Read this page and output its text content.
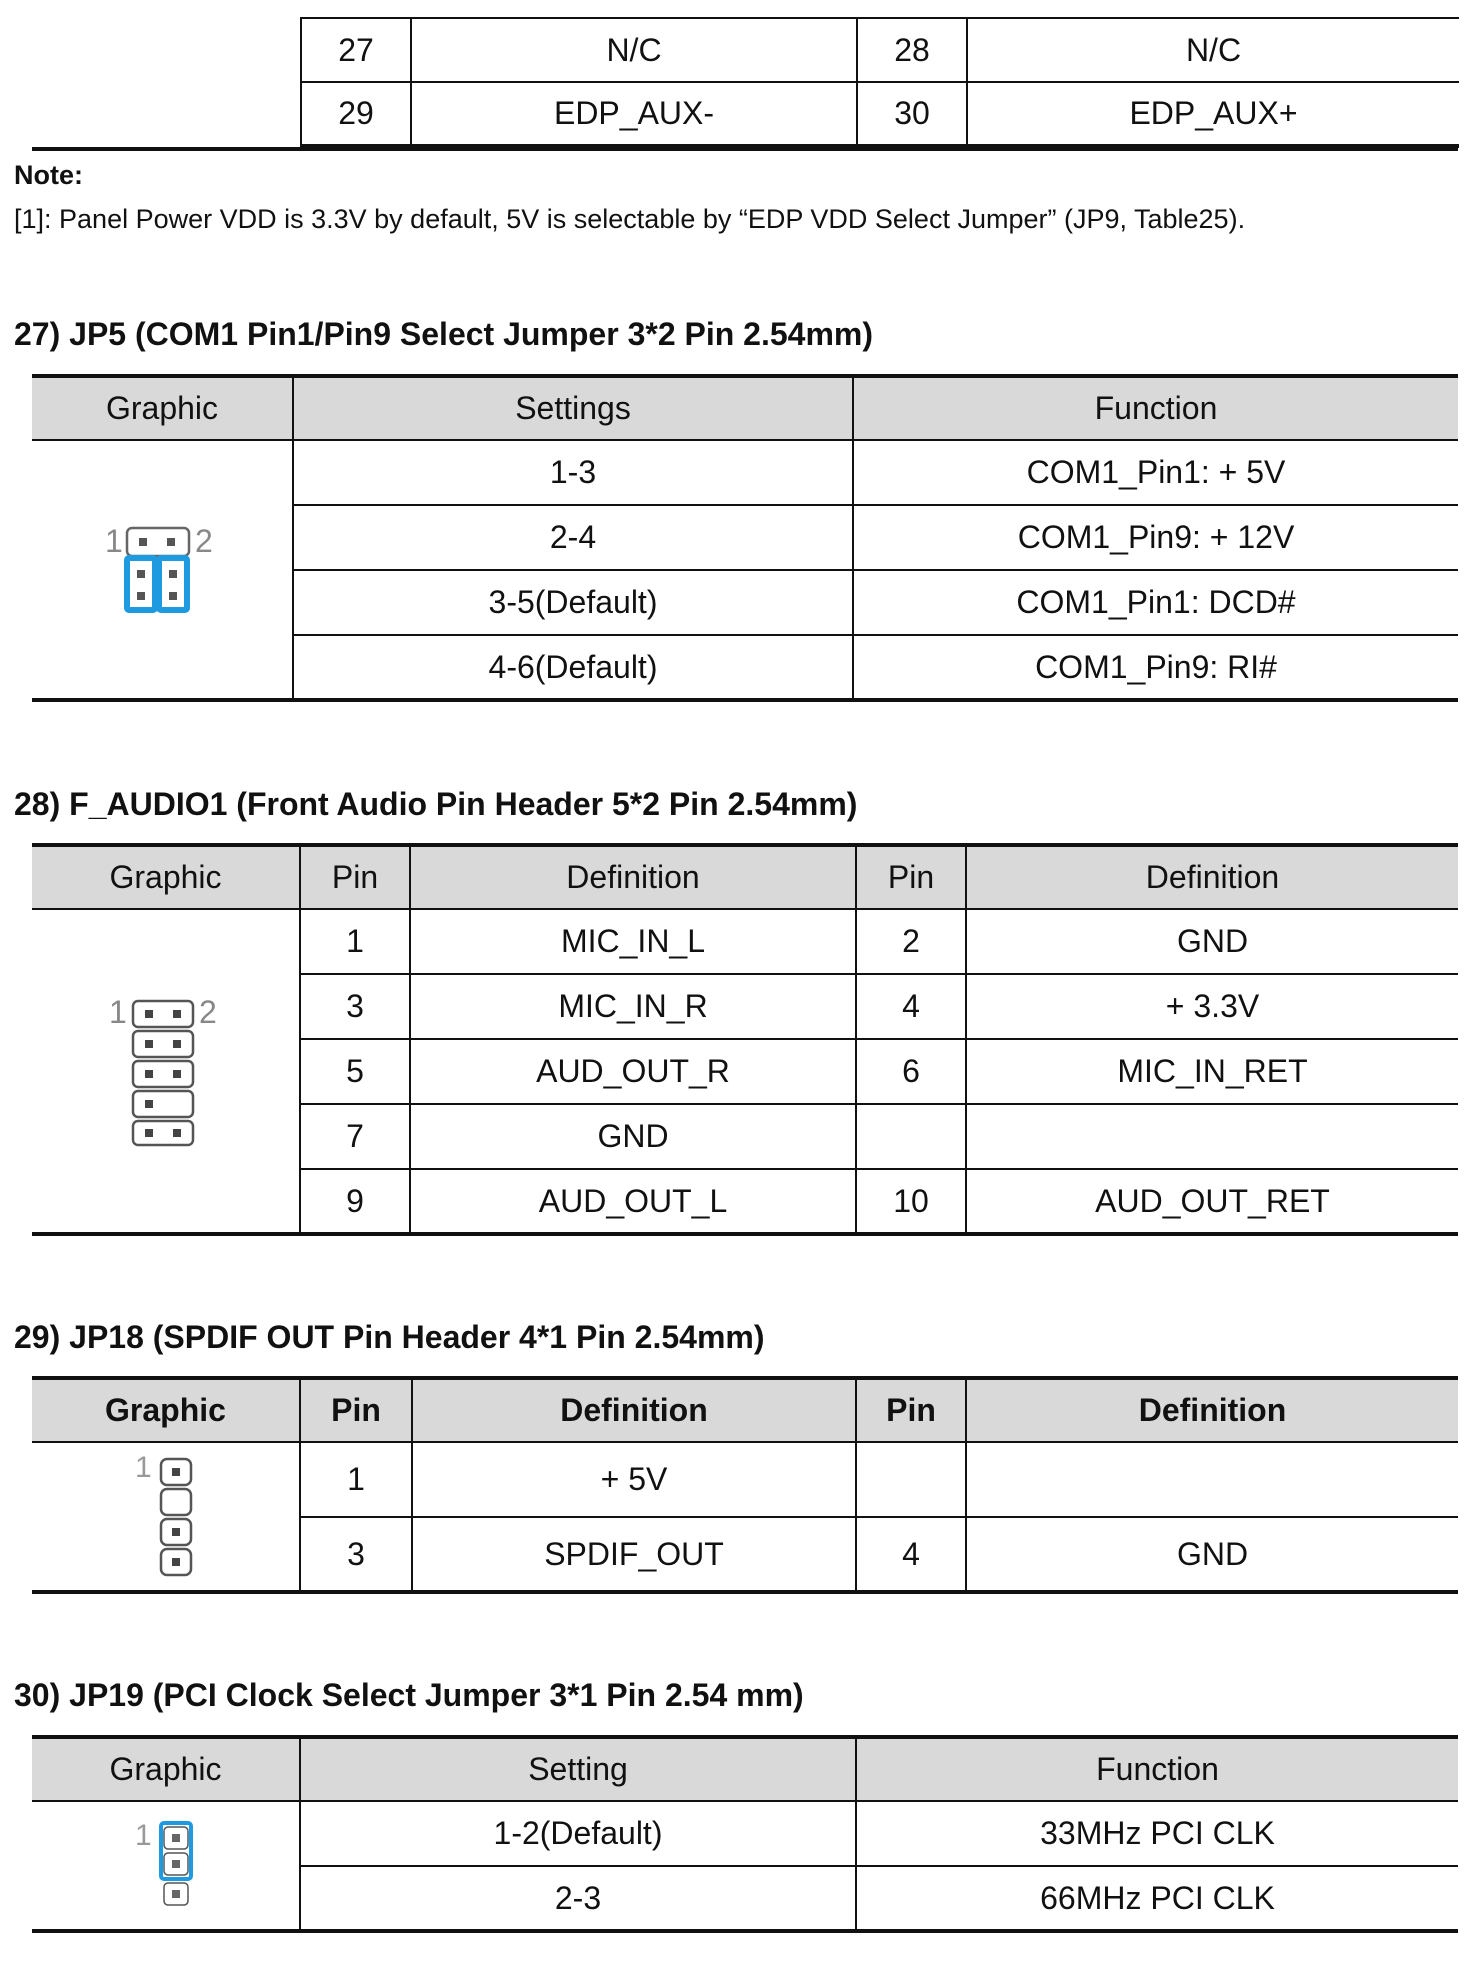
27	N/C	28	N/C
29	EDP_AUX-	30	EDP_AUX+
Note:
[1]: Panel Power VDD is 3.3V by default, 5V is selectable by “EDP VDD Select Jumper” (JP9, Table25).
27) JP5 (COM1 Pin1/Pin9 Select Jumper 3*2 Pin 2.54mm)
Graphic	Settings	Function

1 2	1-3	COM1_Pin1: + 5V
	2-4	COM1_Pin9: + 12V
	3-5(Default)	COM1_Pin1: DCD#
	4-6(Default)	COM1_Pin9: RI#
28) F_AUDIO1 (Front Audio Pin Header 5*2 Pin 2.54mm)
Graphic	Pin	Definition	Pin	Definition

1 2	1	MIC_IN_L	2	GND
	3	MIC_IN_R	4	+ 3.3V
	5	AUD_OUT_R	6	MIC_IN_RET
	7	GND		
	9	AUD_OUT_L	10	AUD_OUT_RET
29) JP18 (SPDIF OUT Pin Header 4*1 Pin 2.54mm)
Graphic	Pin	Definition	Pin	Definition

1	1	+ 5V		
	3	SPDIF_OUT	4	GND
30) JP19 (PCI Clock Select Jumper 3*1 Pin 2.54 mm)
Graphic	Setting	Function

1	1-2(Default)	33MHz PCI CLK
	2-3	66MHz PCI CLK
